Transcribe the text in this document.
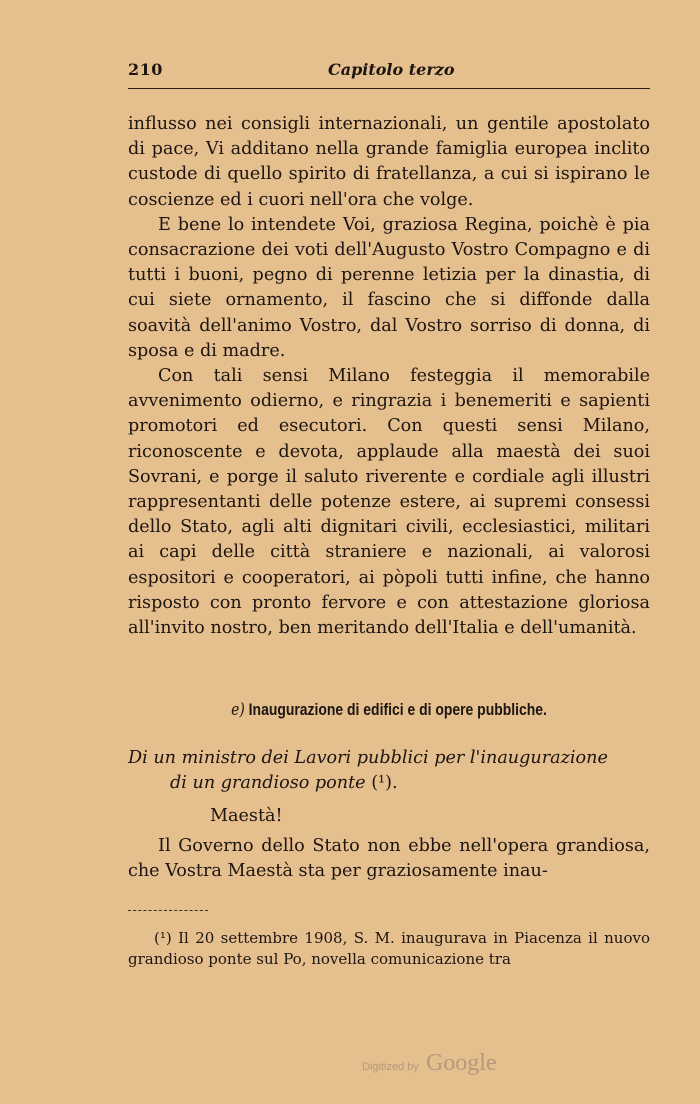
210	Capitolo terzo

influsso nei consigli internazionali, un gentile apostolato di pace, Vi additano nella grande famiglia europea inclito custode di quello spirito di fratellanza, a cui si ispirano le coscienze ed i cuori nell'ora che volge.

E bene lo intendete Voi, graziosa Regina, poichè è pia consacrazione dei voti dell'Augusto Vostro Compagno e di tutti i buoni, pegno di perenne letizia per la dinastia, di cui siete ornamento, il fascino che si diffonde dalla soavità dell'animo Vostro, dal Vostro sorriso di donna, di sposa e di madre.

Con tali sensi Milano festeggia il memorabile avvenimento odierno, e ringrazia i benemeriti e sapienti promotori ed esecutori. Con questi sensi Milano, riconoscente e devota, applaude alla maestà dei suoi Sovrani, e porge il saluto riverente e cordiale agli illustri rappresentanti delle potenze estere, ai supremi consessi dello Stato, agli alti dignitari civili, ecclesiastici, militari ai capi delle città straniere e nazionali, ai valorosi espositori e cooperatori, ai pòpoli tutti infine, che hanno risposto con pronto fervore e con attestazione gloriosa all'invito nostro, ben meritando dell'Italia e dell'umanità.

e) Inaugurazione di edifici e di opere pubbliche.
Di un ministro dei Lavori pubblici per l'inaugurazione
di un grandioso ponte (¹).
Maestà!

Il Governo dello Stato non ebbe nell'opera grandiosa, che Vostra Maestà sta per graziosamente inau-

(¹) Il 20 settembre 1908, S. M. inaugurava in Piacenza il nuovo grandioso ponte sul Po, novella comunicazione tra
Digitized by Google
